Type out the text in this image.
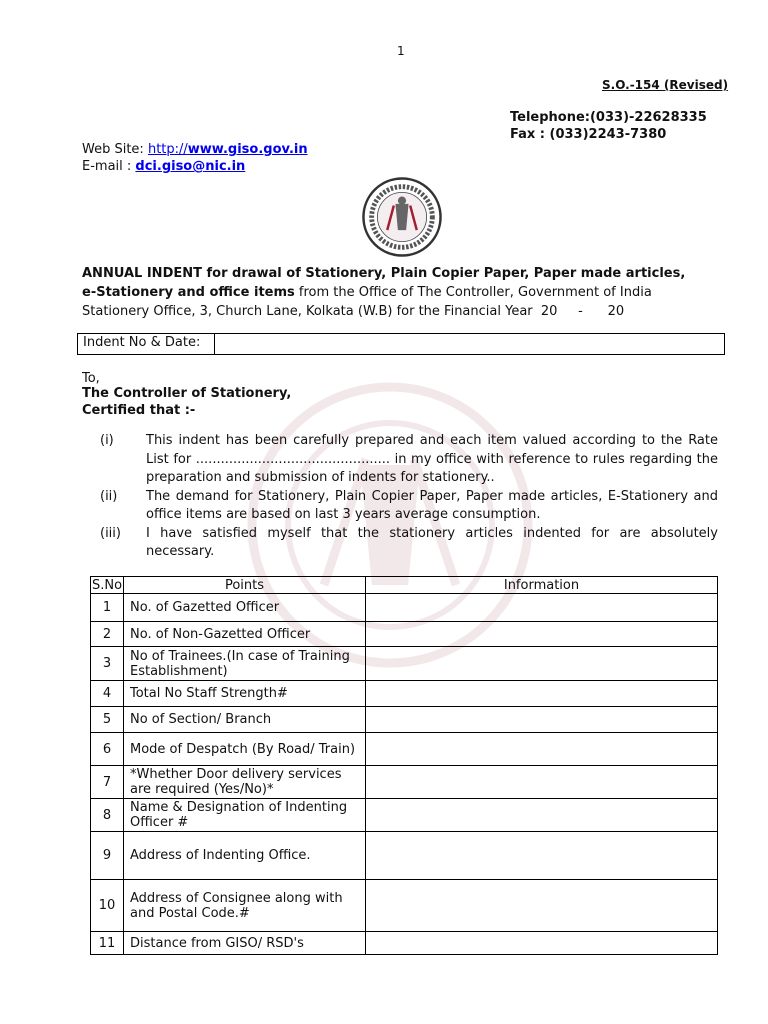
1
S.O.-154 (Revised)
Telephone:(033)-22628335
Fax : (033)2243-7380
Web Site: http://www.giso.gov.in
E-mail : dci.giso@nic.in
ANNUAL INDENT for drawal of Stationery, Plain Copier Paper, Paper made articles,
e-Stationery and office items from the Office of The Controller, Government of India
Stationery Office, 3, Church Lane, Kolkata (W.B) for the Financial Year  20     -      20
Indent No & Date:
To,
The Controller of Stationery,
Certified that :-
(i)	This indent has been carefully prepared and each item valued according to the Rate List for ............................................... in my office with reference to rules regarding the preparation and submission of indents for stationery..
(ii)	The demand for Stationery, Plain Copier Paper, Paper made articles, E-Stationery and office items are based on last 3 years average consumption.
(iii)	I have satisfied myself that the stationery articles indented for are absolutely necessary.
S.No	Points	Information
1	No. of Gazetted Officer	
2	No. of Non-Gazetted Officer	
3	No of Trainees.(In case of Training Establishment)	
4	Total No Staff Strength#	
5	No of Section/ Branch	
6	Mode of Despatch (By Road/ Train)	
7	*Whether Door delivery services are required (Yes/No)*	
8	Name & Designation of Indenting Officer #	
9	Address of Indenting Office.	
10	Address of Consignee along with and Postal Code.#	
11	Distance from GISO/ RSD's	
